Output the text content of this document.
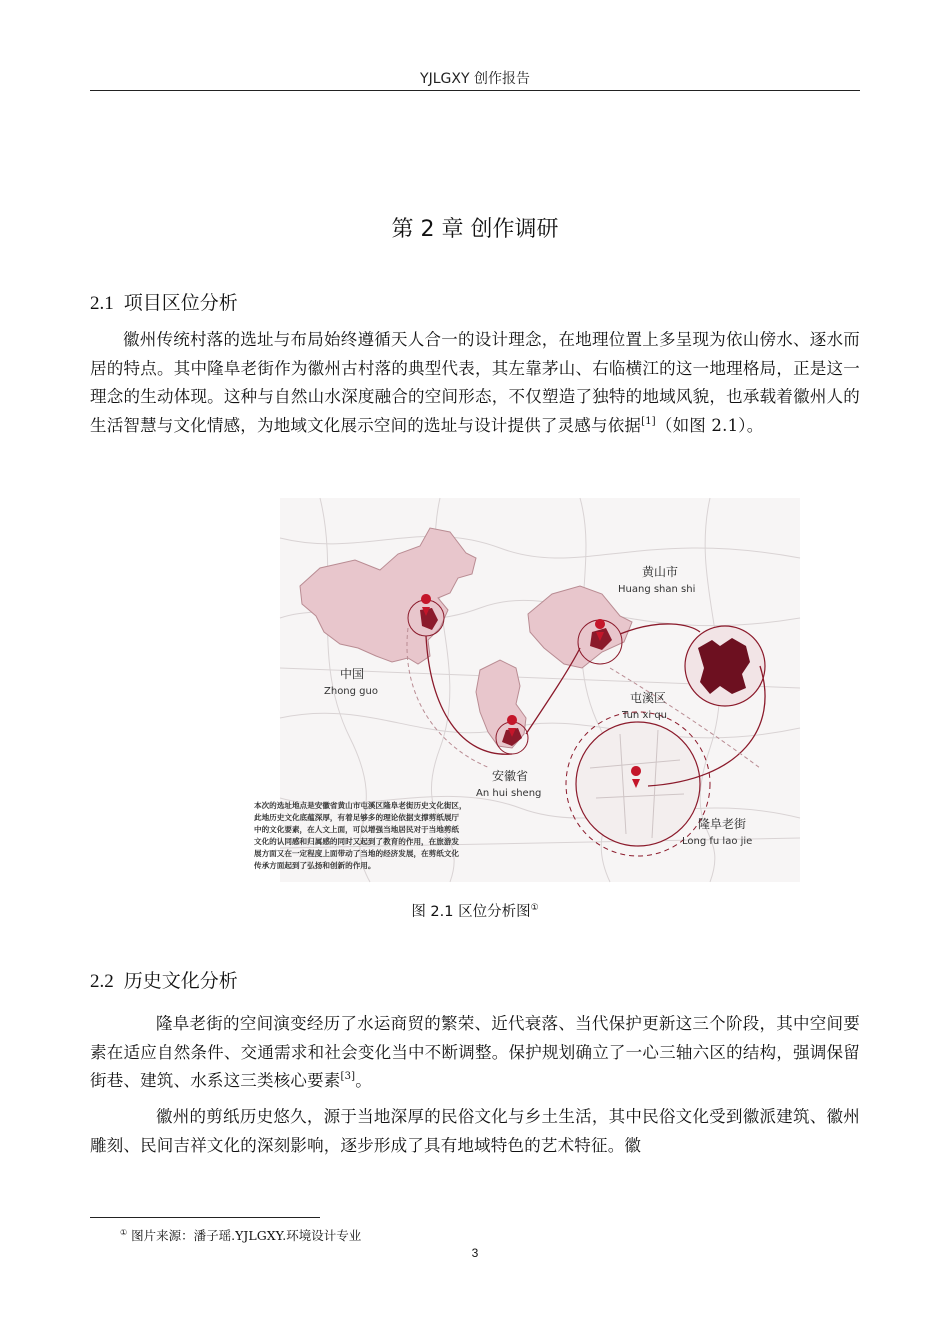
YJLGXY 创作报告
第 2 章 创作调研
2.1 项目区位分析

徽州传统村落的选址与布局始终遵循天人合一的设计理念，在地理位置上多呈现为依山傍水、逐水而居的特点。其中隆阜老街作为徽州古村落的典型代表，其左靠茅山、右临横江的这一地理格局，正是这一理念的生动体现。这种与自然山水深度融合的空间形态，不仅塑造了独特的地域风貌，也承载着徽州人的生活智慧与文化情感，为地域文化展示空间的选址与设计提供了灵感与依据[1]（如图 2.1）。

中国
Zhong guo
安徽省
An hui sheng
黄山市
Huang shan shi
屯溪区
Tun xi qu
隆阜老街
Long fu lao jie
本次的选址地点是安徽省黄山市屯溪区隆阜老街历史文化街区，
此地历史文化底蕴深厚，有着足够多的理论依据支撑剪纸展厅
中的文化要素，在人文上面，可以增强当地居民对于当地剪纸
文化的认同感和归属感的同时又起到了教育的作用，在旅游发
展方面又在一定程度上面带动了当地的经济发展，在剪纸文化
传承方面起到了弘扬和创新的作用。
图 2.1 区位分析图①
2.2 历史文化分析

隆阜老街的空间演变经历了水运商贸的繁荣、近代衰落、当代保护更新这三个阶段，其中空间要素在适应自然条件、交通需求和社会变化当中不断调整。保护规划确立了一心三轴六区的结构，强调保留街巷、建筑、水系这三类核心要素[3]。

徽州的剪纸历史悠久，源于当地深厚的民俗文化与乡土生活，其中民俗文化受到徽派建筑、徽州雕刻、民间吉祥文化的深刻影响，逐步形成了具有地域特色的艺术特征。徽

① 图片来源：潘子瑶.YJLGXY.环境设计专业
3
